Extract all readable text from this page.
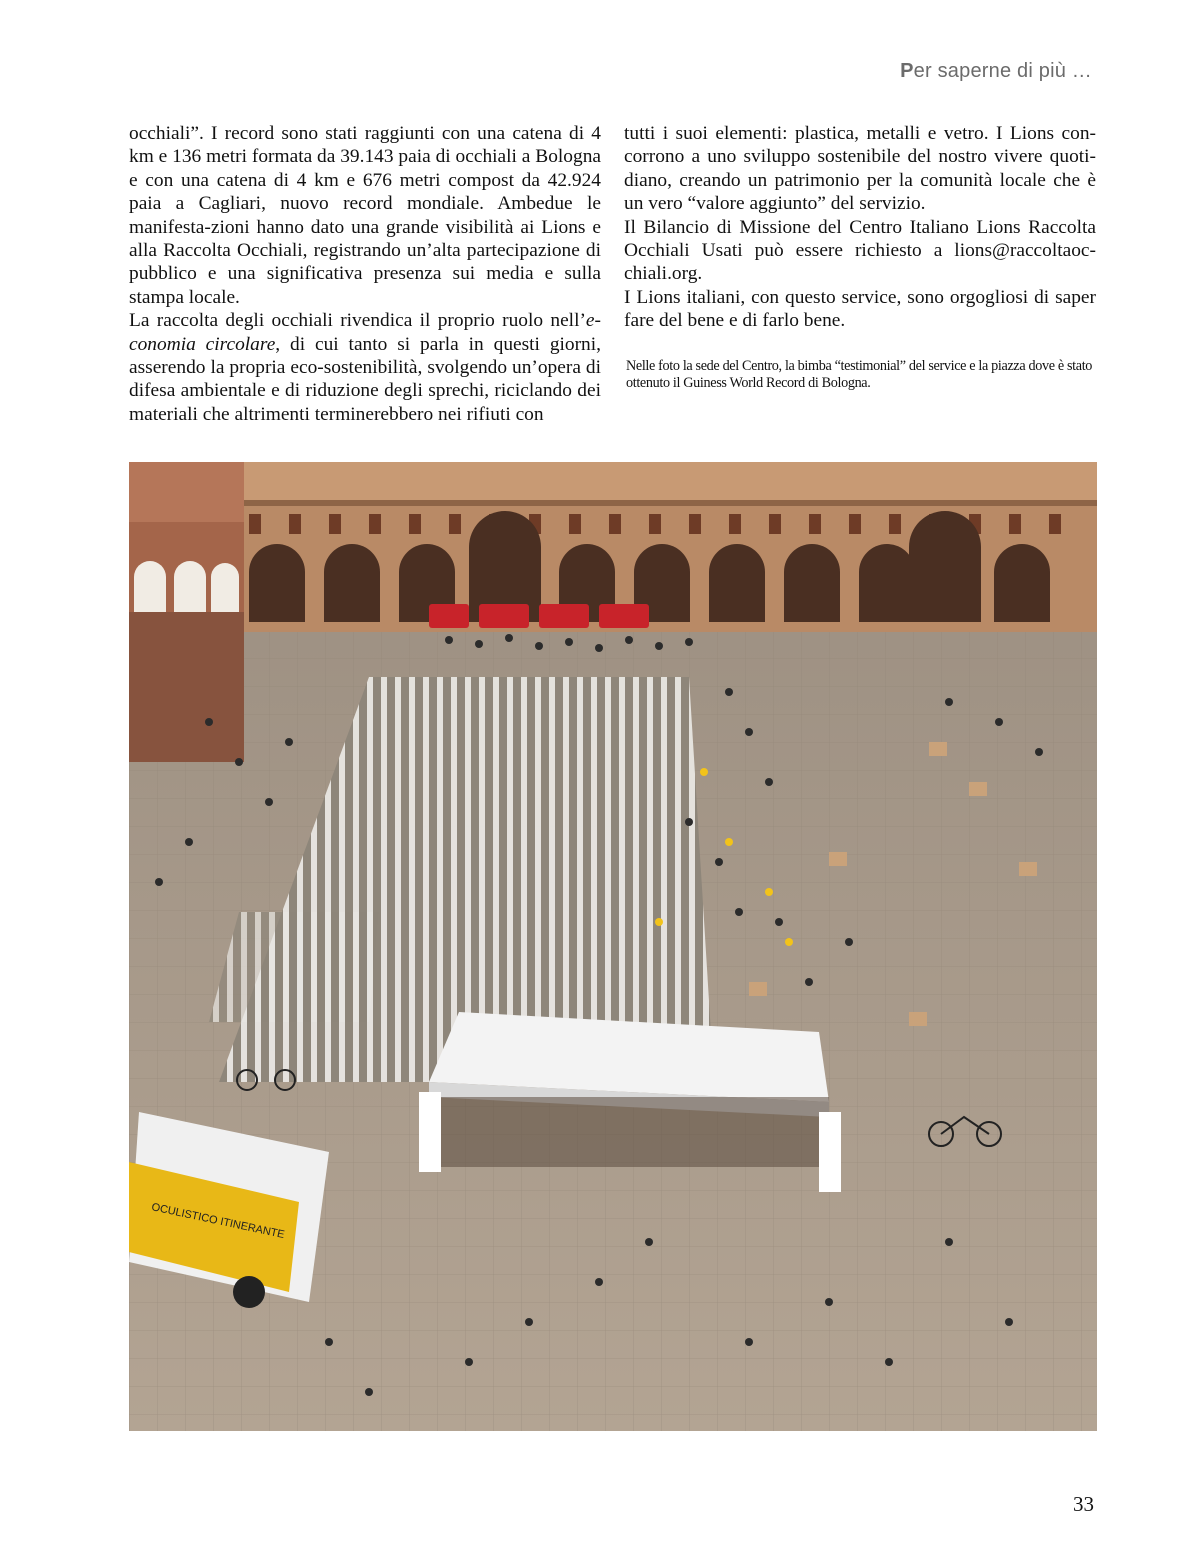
Per saperne di più …

occhiali”. I record sono stati raggiunti con una catena di 4 km e 136 metri formata da 39.143 paia di occhiali a Bologna e con una catena di 4 km e 676 metri compost da 42.924 paia a Cagliari, nuovo record mondiale. Ambedue le manifesta-zioni hanno dato una grande visibilità ai Lions e alla Raccolta Occhiali, registrando un’alta partecipazione di pubblico e una significativa presenza sui media e sulla stampa locale.

La raccolta degli occhiali rivendica il proprio ruolo nell’e-conomia circolare, di cui tanto si parla in questi giorni, asserendo la propria eco-sostenibilità, svolgendo un’opera di difesa ambientale e di riduzione degli sprechi, riciclando dei materiali che altrimenti terminerebbero nei rifiuti con

tutti i suoi elementi: plastica, metalli e vetro. I Lions con-corrono a uno sviluppo sostenibile del nostro vivere quoti-diano, creando un patrimonio per la comunità locale che è un vero “valore aggiunto” del servizio.

Il Bilancio di Missione del Centro Italiano Lions Raccolta Occhiali Usati può essere richiesto a lions@raccoltaoc-chiali.org.

I Lions italiani, con questo service, sono orgogliosi di saper fare del bene e di farlo bene.

Nelle foto la sede del Centro, la bimba “testimonial” del service e la piazza dove è stato ottenuto il Guiness World Record di Bologna.

OCULISTICO ITINERANTE
33
